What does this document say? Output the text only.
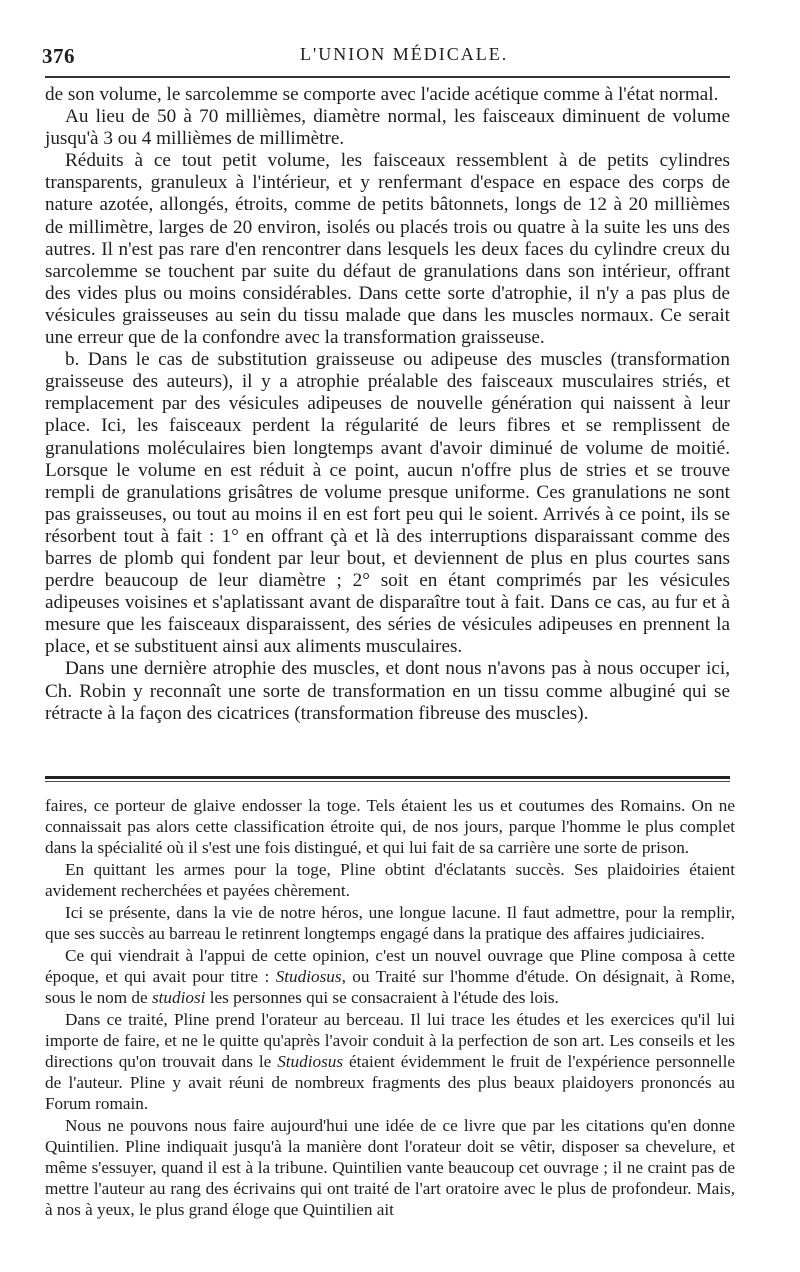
376	L'UNION MÉDICALE.

de son volume, le sarcolemme se comporte avec l'acide acétique comme à l'état normal.

Au lieu de 50 à 70 millièmes, diamètre normal, les faisceaux diminuent de volume jusqu'à 3 ou 4 millièmes de millimètre.

Réduits à ce tout petit volume, les faisceaux ressemblent à de petits cylindres transparents, granuleux à l'intérieur, et y renfermant d'espace en espace des corps de nature azotée, allongés, étroits, comme de petits bâtonnets, longs de 12 à 20 millièmes de millimètre, larges de 20 environ, isolés ou placés trois ou quatre à la suite les uns des autres. Il n'est pas rare d'en rencontrer dans lesquels les deux faces du cylindre creux du sarcolemme se touchent par suite du défaut de granulations dans son intérieur, offrant des vides plus ou moins considérables. Dans cette sorte d'atrophie, il n'y a pas plus de vésicules graisseuses au sein du tissu malade que dans les muscles normaux. Ce serait une erreur que de la confondre avec la transformation graisseuse.

b. Dans le cas de substitution graisseuse ou adipeuse des muscles (transformation graisseuse des auteurs), il y a atrophie préalable des faisceaux musculaires striés, et remplacement par des vésicules adipeuses de nouvelle génération qui naissent à leur place. Ici, les faisceaux perdent la régularité de leurs fibres et se remplissent de granulations moléculaires bien longtemps avant d'avoir diminué de volume de moitié. Lorsque le volume en est réduit à ce point, aucun n'offre plus de stries et se trouve rempli de granulations grisâtres de volume presque uniforme. Ces granulations ne sont pas graisseuses, ou tout au moins il en est fort peu qui le soient. Arrivés à ce point, ils se résorbent tout à fait : 1° en offrant çà et là des interruptions disparaissant comme des barres de plomb qui fondent par leur bout, et deviennent de plus en plus courtes sans perdre beaucoup de leur diamètre ; 2° soit en étant comprimés par les vésicules adipeuses voisines et s'aplatissant avant de disparaître tout à fait. Dans ce cas, au fur et à mesure que les faisceaux disparaissent, des séries de vésicules adipeuses en prennent la place, et se substituent ainsi aux aliments musculaires.

Dans une dernière atrophie des muscles, et dont nous n'avons pas à nous occuper ici, Ch. Robin y reconnaît une sorte de transformation en un tissu comme albuginé qui se rétracte à la façon des cicatrices (transformation fibreuse des muscles).

faires, ce porteur de glaive endosser la toge. Tels étaient les us et coutumes des Romains. On ne connaissait pas alors cette classification étroite qui, de nos jours, parque l'homme le plus complet dans la spécialité où il s'est une fois distingué, et qui lui fait de sa carrière une sorte de prison.

En quittant les armes pour la toge, Pline obtint d'éclatants succès. Ses plaidoiries étaient avidement recherchées et payées chèrement.

Ici se présente, dans la vie de notre héros, une longue lacune. Il faut admettre, pour la remplir, que ses succès au barreau le retinrent longtemps engagé dans la pratique des affaires judiciaires.

Ce qui viendrait à l'appui de cette opinion, c'est un nouvel ouvrage que Pline composa à cette époque, et qui avait pour titre : Studiosus, ou Traité sur l'homme d'étude. On désignait, à Rome, sous le nom de studiosi les personnes qui se consacraient à l'étude des lois.

Dans ce traité, Pline prend l'orateur au berceau. Il lui trace les études et les exercices qu'il lui importe de faire, et ne le quitte qu'après l'avoir conduit à la perfection de son art. Les conseils et les directions qu'on trouvait dans le Studiosus étaient évidemment le fruit de l'expérience personnelle de l'auteur. Pline y avait réuni de nombreux fragments des plus beaux plaidoyers prononcés au Forum romain.

Nous ne pouvons nous faire aujourd'hui une idée de ce livre que par les citations qu'en donne Quintilien. Pline indiquait jusqu'à la manière dont l'orateur doit se vêtir, disposer sa chevelure, et même s'essuyer, quand il est à la tribune. Quintilien vante beaucoup cet ouvrage ; il ne craint pas de mettre l'auteur au rang des écrivains qui ont traité de l'art oratoire avec le plus de profondeur. Mais, à nos à yeux, le plus grand éloge que Quintilien ait
